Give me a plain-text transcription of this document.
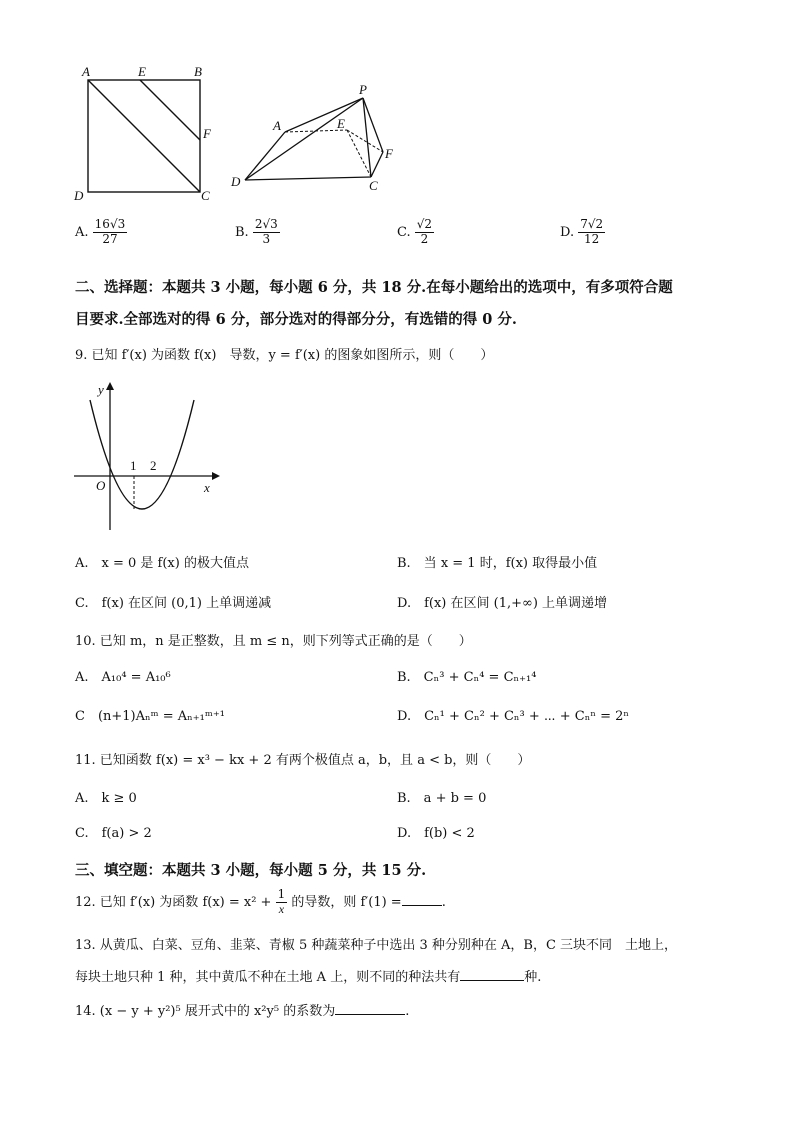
A	E	B
F
D	C
P
A	E
F
D	C
A. $\frac{16√3}{27}$	B. $\frac{2√3}{3}$	C. $\frac{√2}{2}$	D. $\frac{7√2}{12}$
二、选择题：本题共 3 小题，每小题 6 分，共 18 分.在每小题给出的选项中，有多项符合题
目要求.全部选对的得 6 分，部分选对的得部分分，有选错的得 0 分.
9. 已知 f′(x) 为函数 f(x)　导数，y = f′(x) 的图象如图所示，则（　　）
y
1 2
O	x
A.　x = 0 是 f(x) 的极大值点	B.　当 x = 1 时，f(x) 取得最小值
C.　f(x) 在区间 (0,1) 上单调递减	D.　f(x) 在区间 (1,+∞) 上单调递增
10. 已知 m，n 是正整数，且 m ≤ n，则下列等式正确的是（　　）
A.　A₁₀⁴ = A₁₀⁶	B.　Cₙ³ + Cₙ⁴ = Cₙ₊₁⁴
C　(n+1)Aₙᵐ = Aₙ₊₁ᵐ⁺¹	D.　Cₙ¹ + Cₙ² + Cₙ³ + ⋯ + Cₙⁿ = 2ⁿ
11. 已知函数 f(x) = x³ − kx + 2 有两个极值点 a，b，且 a < b，则（　　）
A.　k ≥ 0	B.　a + b = 0
C.　f(a) > 2	D.　f(b) < 2
三、填空题：本题共 3 小题，每小题 5 分，共 15 分.
12. 已知 f′(x) 为函数 $f(x) = x^2 + \frac{1}{x}$ 的导数，则 f′(1) =	.
13. 从黄瓜、白菜、豆角、韭菜、青椒 5 种蔬菜种子中选出 3 种分别种在 A，B，C 三块不同　土地上，
每块土地只种 1 种，其中黄瓜不种在土地 A 上，则不同的种法共有	种.
14. (x − y + y²)⁵ 展开式中的 x²y⁵ 的系数为	.
